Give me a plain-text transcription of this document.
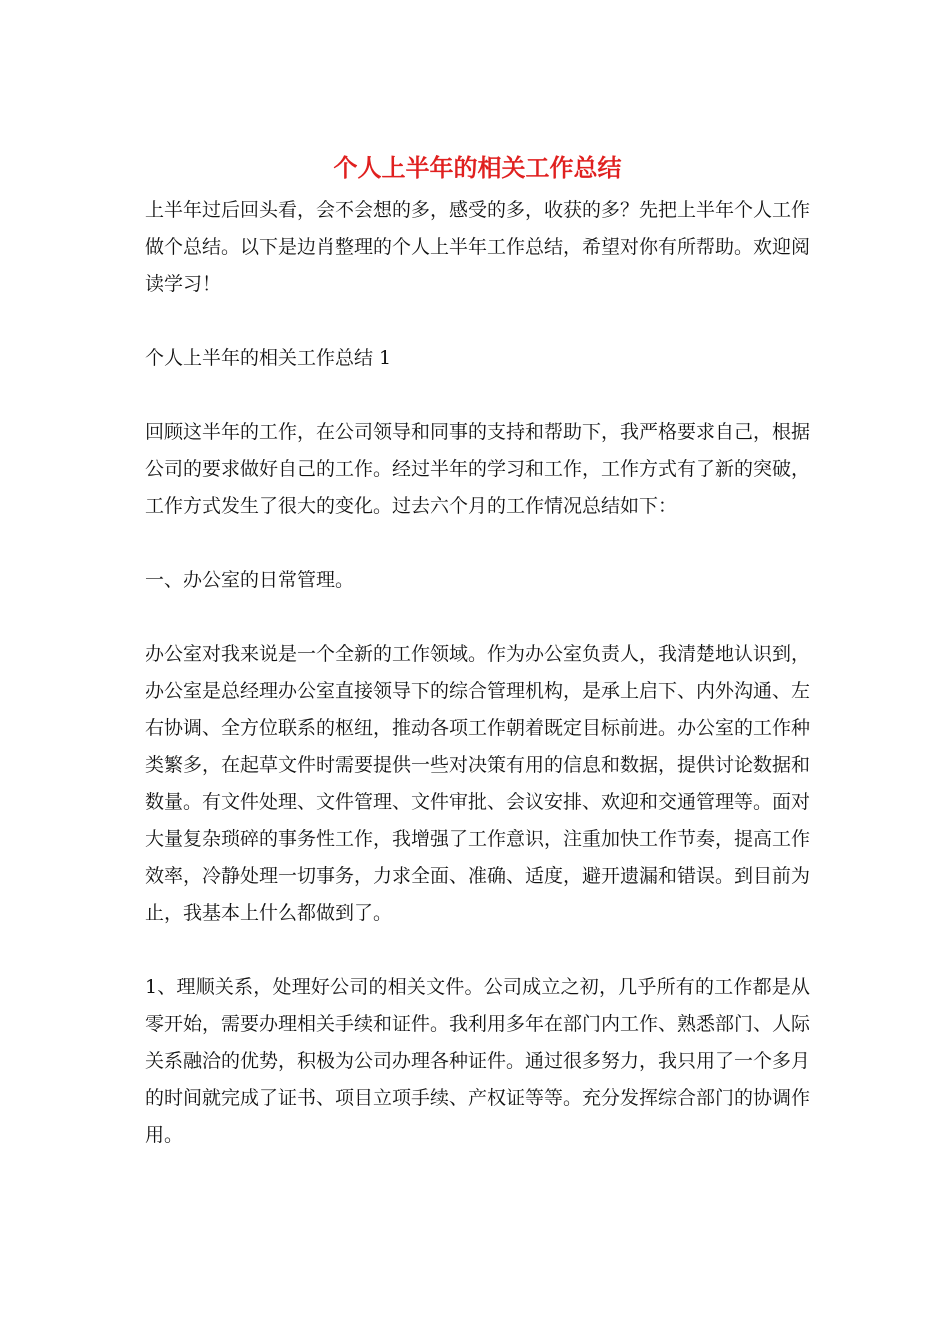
个人上半年的相关工作总结

上半年过后回头看，会不会想的多，感受的多，收获的多？先把上半年个人工作做个总结。以下是边肖整理的个人上半年工作总结，希望对你有所帮助。欢迎阅读学习！

个人上半年的相关工作总结 1

回顾这半年的工作，在公司领导和同事的支持和帮助下，我严格要求自己，根据公司的要求做好自己的工作。经过半年的学习和工作，工作方式有了新的突破，工作方式发生了很大的变化。过去六个月的工作情况总结如下：

一、办公室的日常管理。

办公室对我来说是一个全新的工作领域。作为办公室负责人，我清楚地认识到，办公室是总经理办公室直接领导下的综合管理机构，是承上启下、内外沟通、左右协调、全方位联系的枢纽，推动各项工作朝着既定目标前进。办公室的工作种类繁多，在起草文件时需要提供一些对决策有用的信息和数据，提供讨论数据和数量。有文件处理、文件管理、文件审批、会议安排、欢迎和交通管理等。面对大量复杂琐碎的事务性工作，我增强了工作意识，注重加快工作节奏，提高工作效率，冷静处理一切事务，力求全面、准确、适度，避开遗漏和错误。到目前为止，我基本上什么都做到了。

1、理顺关系，处理好公司的相关文件。公司成立之初，几乎所有的工作都是从零开始，需要办理相关手续和证件。我利用多年在部门内工作、熟悉部门、人际关系融洽的优势，积极为公司办理各种证件。通过很多努力，我只用了一个多月的时间就完成了证书、项目立项手续、产权证等等。充分发挥综合部门的协调作用。
